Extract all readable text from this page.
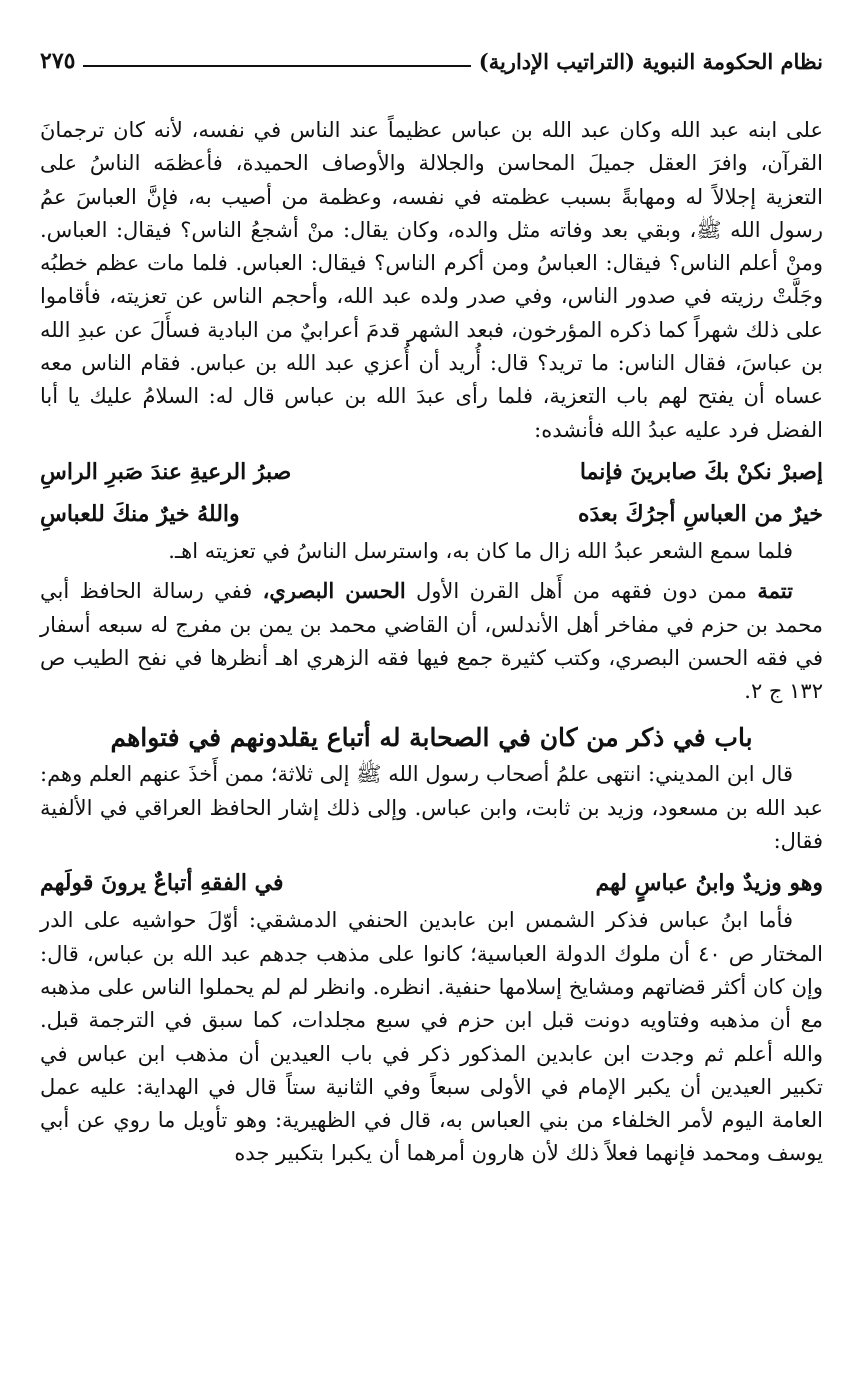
نظام الحكومة النبوية (التراتيب الإدارية)
٢٧٥

على ابنه عبد الله وكان عبد الله بن عباس عظيماً عند الناس في نفسه، لأنه كان ترجمانَ القرآن، وافرَ العقل جميلَ المحاسن والجلالة والأوصاف الحميدة، فأعظمَه الناسُ على التعزية إجلالاً له ومهابةً بسبب عظمته في نفسه، وعظمة من أصيب به، فإنَّ العباسَ عمُ رسول الله ﷺ، وبقي بعد وفاته مثل والده، وكان يقال: منْ أشجعُ الناس؟ فيقال: العباس. ومنْ أعلم الناس؟ فيقال: العباسُ ومن أكرم الناس؟ فيقال: العباس. فلما مات عظم خطبُه وجَلَّتْ رزيته في صدور الناس، وفي صدر ولده عبد الله، وأحجم الناس عن تعزيته، فأقاموا على ذلك شهراً كما ذكره المؤرخون، فبعد الشهر قدمَ أعرابيٌ من البادية فسأَلَ عن عبدِ الله بن عباسَ، فقال الناس: ما تريد؟ قال: أُريد أن أُعزي عبد الله بن عباس. فقام الناس معه عساه أن يفتح لهم باب التعزية، فلما رأى عبدَ الله بن عباس قال له: السلامُ عليك يا أبا الفضل فرد عليه عبدُ الله فأنشده:

إصبرْ نكنْ بكَ صابرينَ فإنما
صبرُ الرعيةِ عندَ صَبرِ الراسِ
خيرٌ من العباسِ أجرُكَ بعدَه
واللهُ خيرٌ منكَ للعباسِ

فلما سمع الشعر عبدُ الله زال ما كان به، واسترسل الناسُ في تعزيته اهـ.

تتمة ممن دون فقهه من أَهل القرن الأول الحسن البصري، ففي رسالة الحافظ أبي محمد بن حزم في مفاخر أهل الأندلس، أن القاضي محمد بن يمن بن مفرج له سبعه أسفار في فقه الحسن البصري، وكتب كثيرة جمع فيها فقه الزهري اهـ أنظرها في نفح الطيب ص ١٣٢ ج ٢.

باب في ذكر من كان في الصحابة له أتباع يقلدونهم في فتواهم

قال ابن المديني: انتهى علمُ أصحاب رسول الله ﷺ إلى ثلاثة؛ ممن أَخذَ عنهم العلم وهم: عبد الله بن مسعود، وزيد بن ثابت، وابن عباس. وإلى ذلك إشار الحافظ العراقي في الألفية فقال:

وهو وزيدٌ وابنُ عباسٍ لهم
في الفقهِ أتباعٌ يرونَ قولَهم

فأما ابنُ عباس فذكر الشمس ابن عابدين الحنفي الدمشقي: أوّلَ حواشيه على الدر المختار ص ٤٠ أن ملوك الدولة العباسية؛ كانوا على مذهب جدهم عبد الله بن عباس، قال: وإن كان أكثر قضاتهم ومشايخ إسلامها حنفية. انظره. وانظر لم لم يحملوا الناس على مذهبه مع أن مذهبه وفتاويه دونت قبل ابن حزم في سبع مجلدات، كما سبق في الترجمة قبل. والله أعلم ثم وجدت ابن عابدين المذكور ذكر في باب العيدين أن مذهب ابن عباس في تكبير العيدين أن يكبر الإمام في الأولى سبعاً وفي الثانية ستاً قال في الهداية: عليه عمل العامة اليوم لأمر الخلفاء من بني العباس به، قال في الظهيرية: وهو تأويل ما روي عن أبي يوسف ومحمد فإنهما فعلاً ذلك لأن هارون أمرهما أن يكبرا بتكبير جده
